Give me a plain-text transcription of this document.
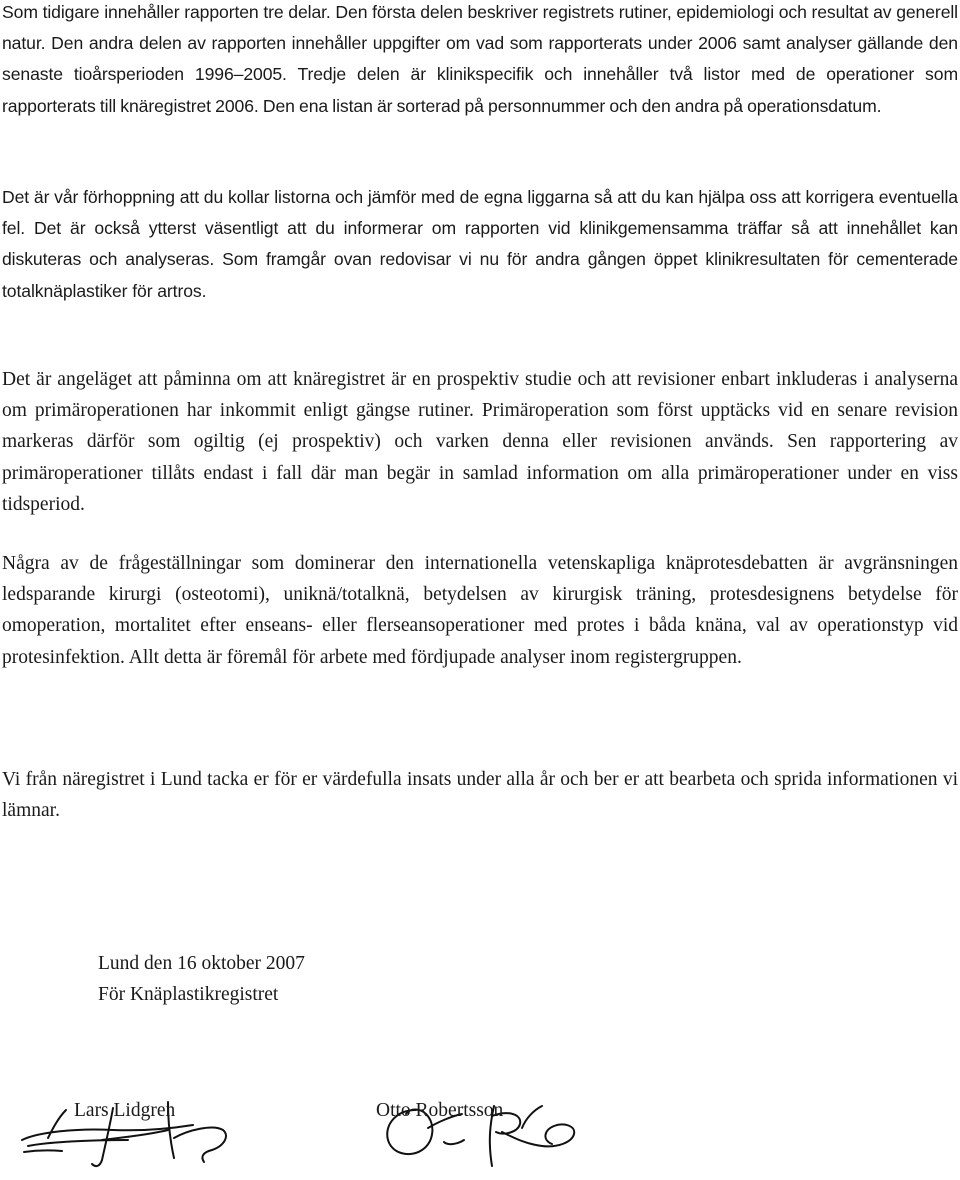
Som tidigare innehåller rapporten tre delar. Den första delen beskriver registrets rutiner, epidemiologi och resultat av generell natur. Den andra delen av rapporten innehåller uppgifter om vad som rapporterats under 2006 samt analyser gällande den senaste tioårsperioden 1996–2005. Tredje delen är klinikspecifik och innehåller två listor med de operationer som rapporterats till knäregistret 2006. Den ena listan är sorterad på personnummer och den andra på operationsdatum.

Det är vår förhoppning att du kollar listorna och jämför med de egna liggarna så att du kan hjälpa oss att korrigera eventuella fel. Det är också ytterst väsentligt att du informerar om rapporten vid klinikgemensamma träffar så att innehållet kan diskuteras och analyseras. Som framgår ovan redovisar vi nu för andra gången öppet klinikresultaten för cementerade totalknäplastiker för artros.

Det är angeläget att påminna om att knäregistret är en prospektiv studie och att revisioner enbart inkluderas i analyserna om primäroperationen har inkommit enligt gängse rutiner. Primäroperation som först upptäcks vid en senare revision markeras därför som ogiltig (ej prospektiv) och varken denna eller revisionen används. Sen rapportering av primäroperationer tillåts endast i fall där man begär in samlad information om alla primäroperationer under en viss tidsperiod.

Några av de frågeställningar som dominerar den internationella vetenskapliga knäprotesdebatten är avgränsningen ledsparande kirurgi (osteotomi), uniknä/totalknä, betydelsen av kirurgisk träning, protesdesignens betydelse för omoperation, mortalitet efter enseans- eller flerseansoperationer med protes i båda knäna, val av operationstyp vid protesinfektion. Allt detta är föremål för arbete med fördjupade analyser inom registergruppen.

Vi från näregistret i Lund tacka er för er värdefulla insats under alla år och ber er att bearbeta och sprida informationen vi lämnar.

Lund den 16 oktober 2007
För Knäplastikregistret
Lars Lidgren	Otto Robertsson
